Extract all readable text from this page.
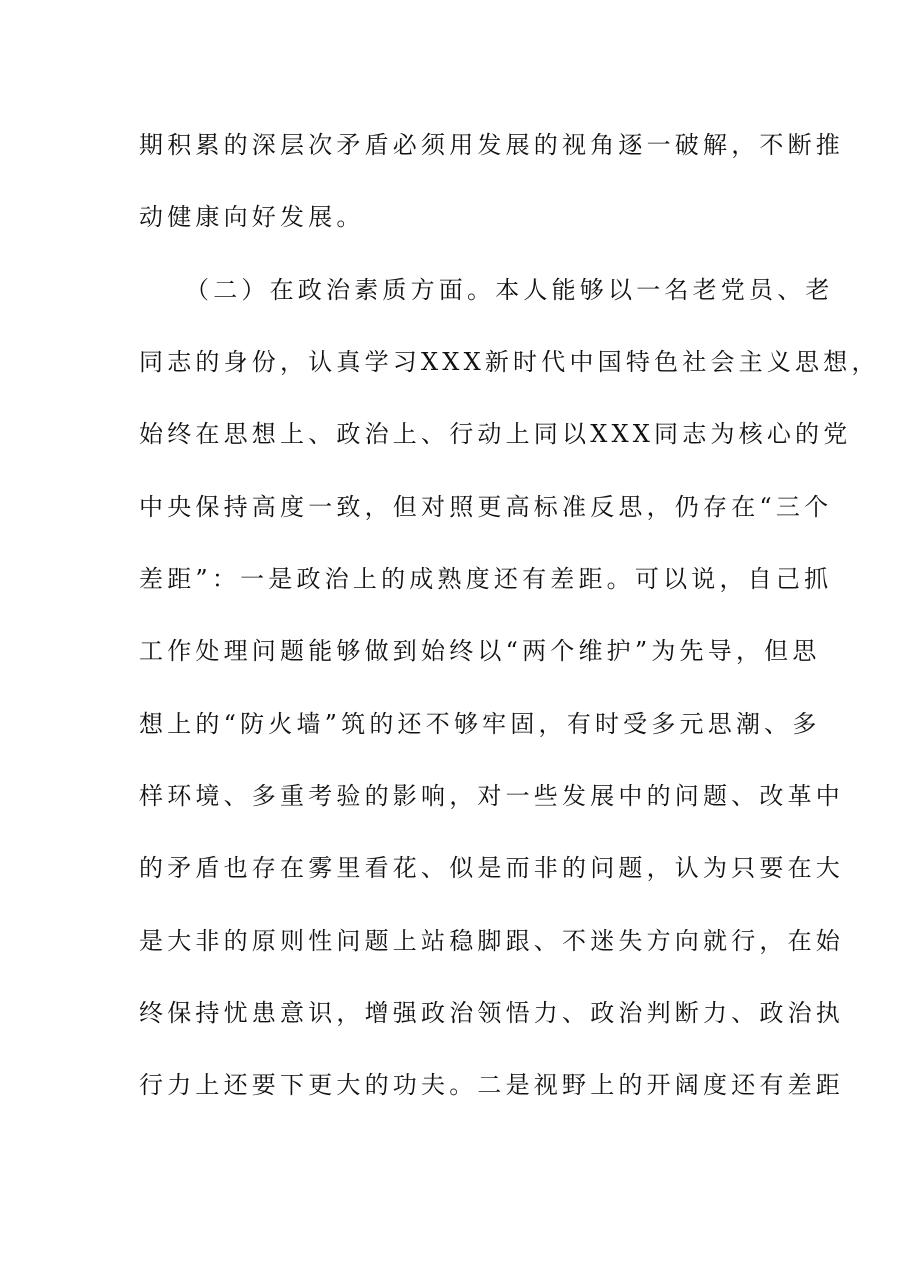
期积累的深层次矛盾必须用发展的视角逐一破解，不断推
动健康向好发展。
（二）在政治素质方面。本人能够以一名老党员、老
同志的身份，认真学习XXX新时代中国特色社会主义思想，
始终在思想上、政治上、行动上同以XXX同志为核心的党
中央保持高度一致，但对照更高标准反思，仍存在“三个
差距”：一是政治上的成熟度还有差距。可以说，自己抓
工作处理问题能够做到始终以“两个维护”为先导，但思
想上的“防火墙”筑的还不够牢固，有时受多元思潮、多
样环境、多重考验的影响，对一些发展中的问题、改革中
的矛盾也存在雾里看花、似是而非的问题，认为只要在大
是大非的原则性问题上站稳脚跟、不迷失方向就行，在始
终保持忧患意识，增强政治领悟力、政治判断力、政治执
行力上还要下更大的功夫。二是视野上的开阔度还有差距
